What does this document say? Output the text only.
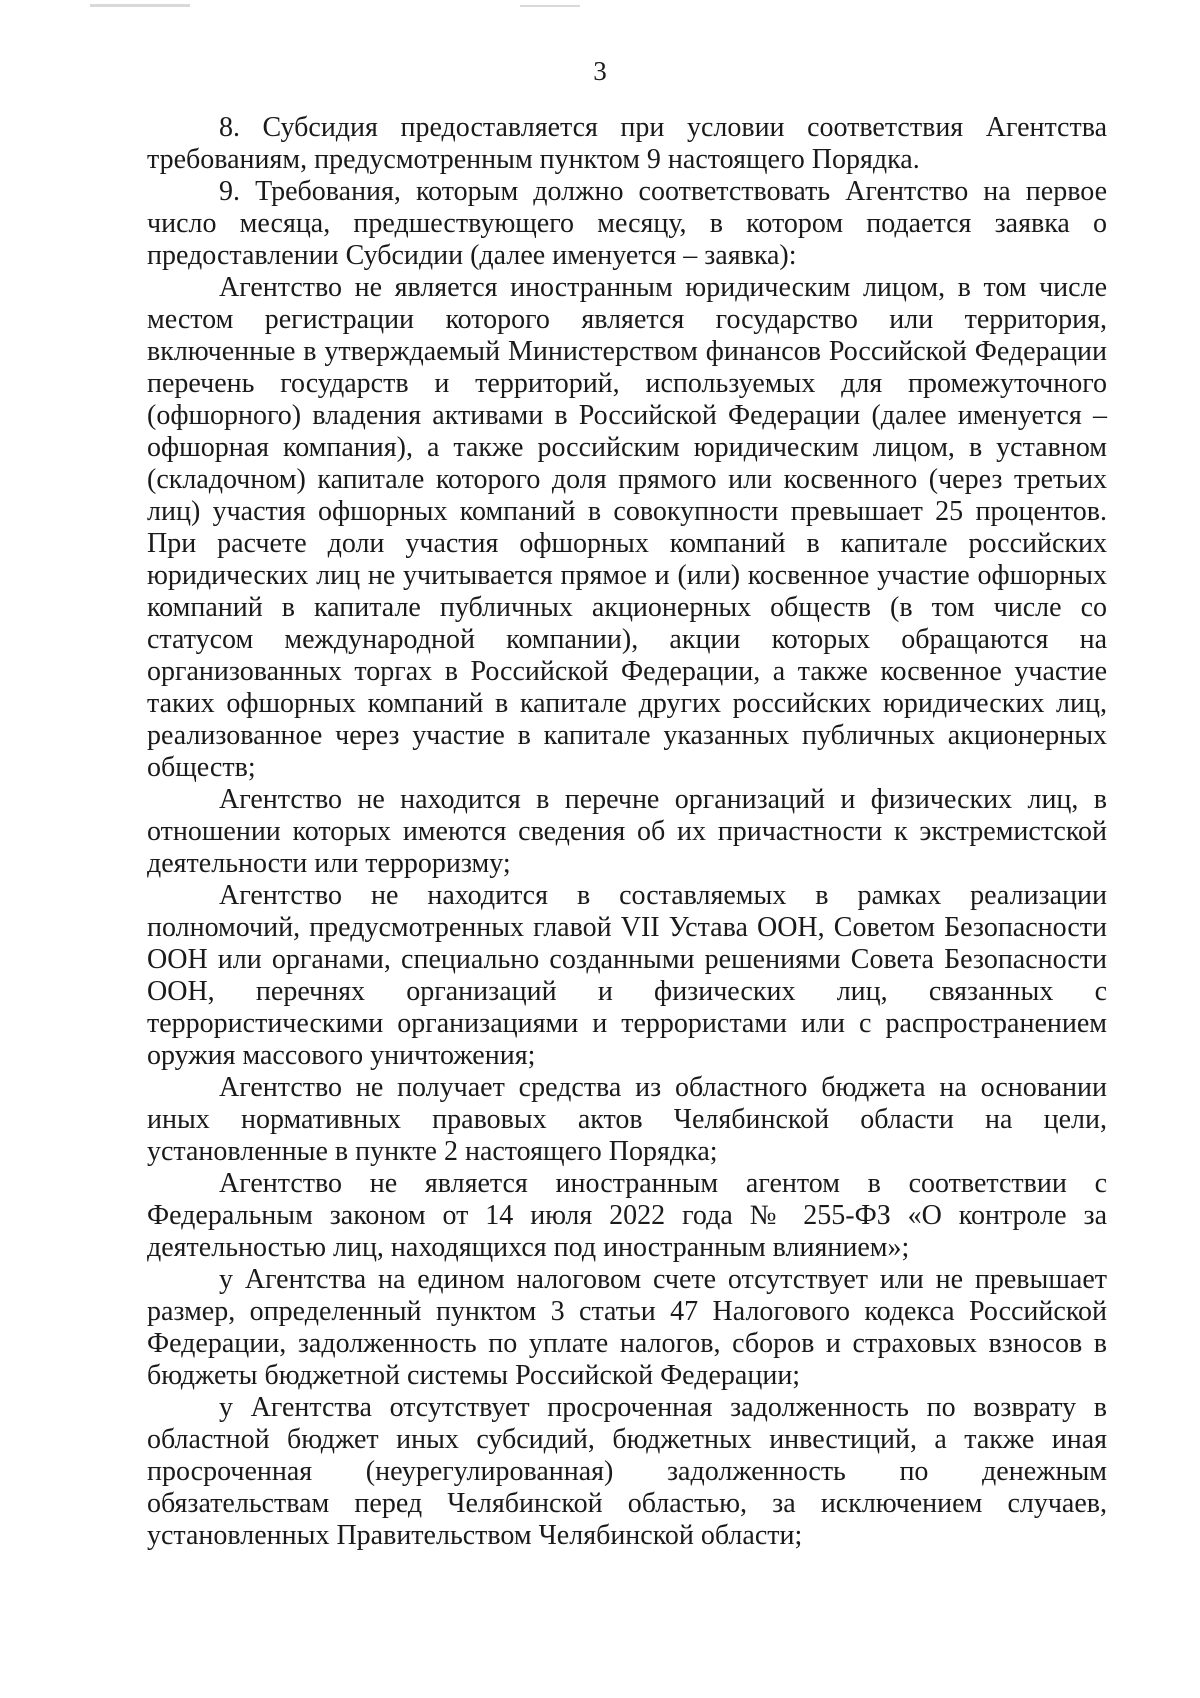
3

8. Субсидия предоставляется при условии соответствия Агентства требованиям, предусмотренным пунктом 9 настоящего Порядка.

9. Требования, которым должно соответствовать Агентство на первое число месяца, предшествующего месяцу, в котором подается заявка о предоставлении Субсидии (далее именуется – заявка):

Агентство не является иностранным юридическим лицом, в том числе местом регистрации которого является государство или территория, включенные в утверждаемый Министерством финансов Российской Федерации перечень государств и территорий, используемых для промежуточного (офшорного) владения активами в Российской Федерации (далее именуется – офшорная компания), а также российским юридическим лицом, в уставном (складочном) капитале которого доля прямого или косвенного (через третьих лиц) участия офшорных компаний в совокупности превышает 25 процентов. При расчете доли участия офшорных компаний в капитале российских юридических лиц не учитывается прямое и (или) косвенное участие офшорных компаний в капитале публичных акционерных обществ (в том числе со статусом международной компании), акции которых обращаются на организованных торгах в Российской Федерации, а также косвенное участие таких офшорных компаний в капитале других российских юридических лиц, реализованное через участие в капитале указанных публичных акционерных обществ;

Агентство не находится в перечне организаций и физических лиц, в отношении которых имеются сведения об их причастности к экстремистской деятельности или терроризму;

Агентство не находится в составляемых в рамках реализации полномочий, предусмотренных главой VII Устава ООН, Советом Безопасности ООН или органами, специально созданными решениями Совета Безопасности ООН, перечнях организаций и физических лиц, связанных с террористическими организациями и террористами или с распространением оружия массового уничтожения;

Агентство не получает средства из областного бюджета на основании иных нормативных правовых актов Челябинской области на цели, установленные в пункте 2 настоящего Порядка;

Агентство не является иностранным агентом в соответствии с Федеральным законом от 14 июля 2022 года № 255-ФЗ «О контроле за деятельностью лиц, находящихся под иностранным влиянием»;

у Агентства на едином налоговом счете отсутствует или не превышает размер, определенный пунктом 3 статьи 47 Налогового кодекса Российской Федерации, задолженность по уплате налогов, сборов и страховых взносов в бюджеты бюджетной системы Российской Федерации;

у Агентства отсутствует просроченная задолженность по возврату в областной бюджет иных субсидий, бюджетных инвестиций, а также иная просроченная (неурегулированная) задолженность по денежным обязательствам перед Челябинской областью, за исключением случаев, установленных Правительством Челябинской области;
